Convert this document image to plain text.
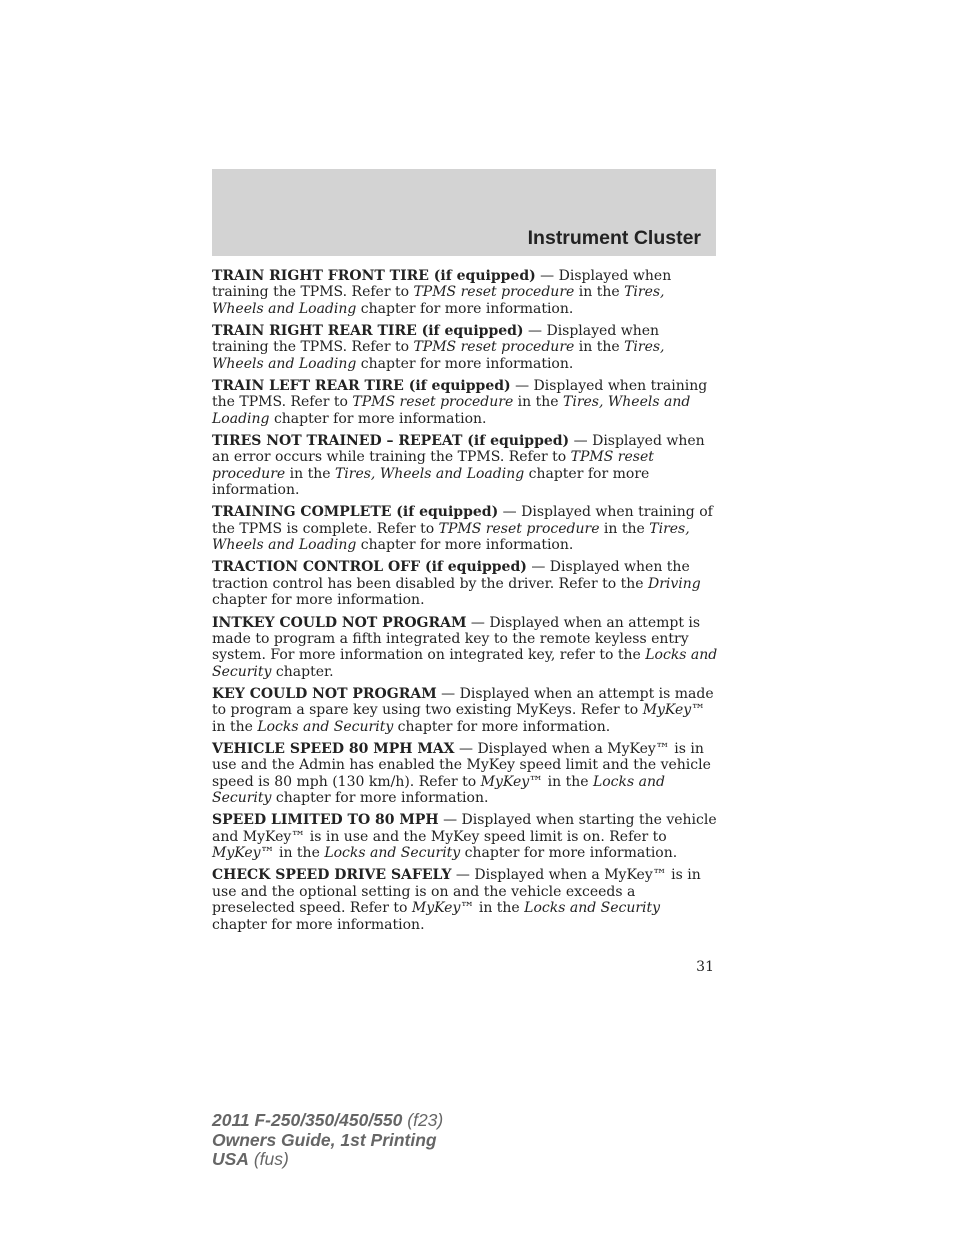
Instrument Cluster

TRAIN RIGHT FRONT TIRE (if equipped) — Displayed when training the TPMS. Refer to TPMS reset procedure in the Tires, Wheels and Loading chapter for more information.

TRAIN RIGHT REAR TIRE (if equipped) — Displayed when training the TPMS. Refer to TPMS reset procedure in the Tires, Wheels and Loading chapter for more information.

TRAIN LEFT REAR TIRE (if equipped) — Displayed when training the TPMS. Refer to TPMS reset procedure in the Tires, Wheels and Loading chapter for more information.

TIRES NOT TRAINED – REPEAT (if equipped) — Displayed when an error occurs while training the TPMS. Refer to TPMS reset procedure in the Tires, Wheels and Loading chapter for more information.

TRAINING COMPLETE (if equipped) — Displayed when training of the TPMS is complete. Refer to TPMS reset procedure in the Tires, Wheels and Loading chapter for more information.

TRACTION CONTROL OFF (if equipped) — Displayed when the traction control has been disabled by the driver. Refer to the Driving chapter for more information.

INTKEY COULD NOT PROGRAM — Displayed when an attempt is made to program a fifth integrated key to the remote keyless entry system. For more information on integrated key, refer to the Locks and Security chapter.

KEY COULD NOT PROGRAM — Displayed when an attempt is made to program a spare key using two existing MyKeys. Refer to MyKey™ in the Locks and Security chapter for more information.

VEHICLE SPEED 80 MPH MAX — Displayed when a MyKey™ is in use and the Admin has enabled the MyKey speed limit and the vehicle speed is 80 mph (130 km/h). Refer to MyKey™ in the Locks and Security chapter for more information.

SPEED LIMITED TO 80 MPH — Displayed when starting the vehicle and MyKey™ is in use and the MyKey speed limit is on. Refer to MyKey™ in the Locks and Security chapter for more information.

CHECK SPEED DRIVE SAFELY — Displayed when a MyKey™ is in use and the optional setting is on and the vehicle exceeds a preselected speed. Refer to MyKey™ in the Locks and Security chapter for more information.

31
2011 F-250/350/450/550 (f23)
Owners Guide, 1st Printing
USA (fus)
